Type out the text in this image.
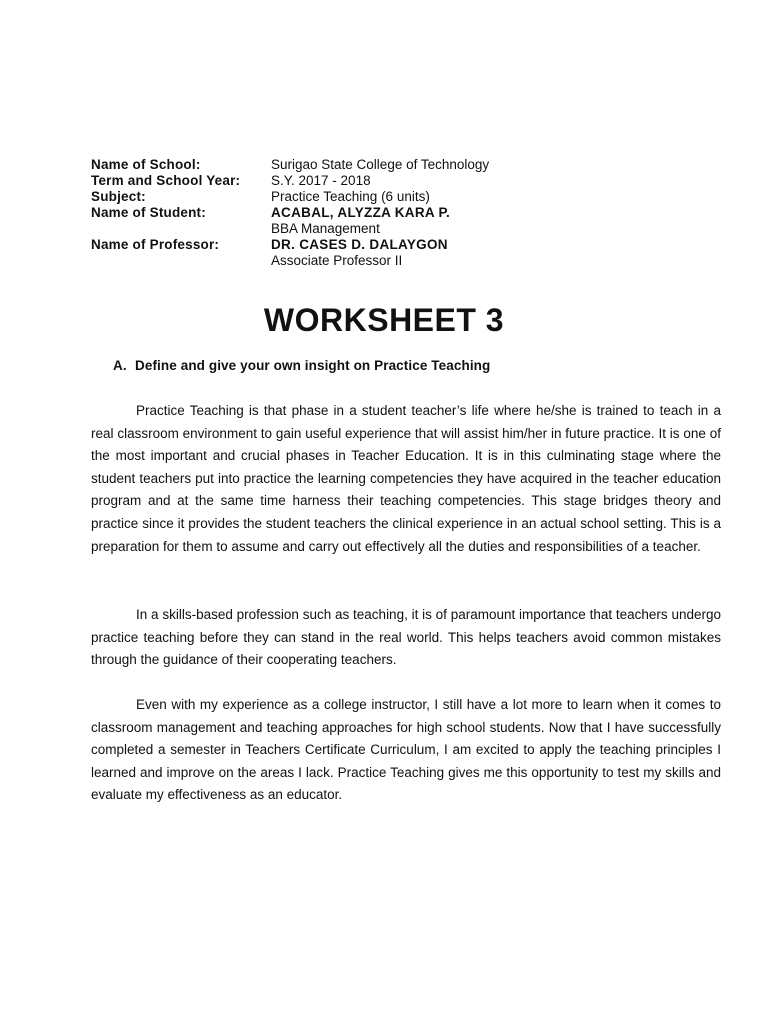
Name of School:	Surigao State College of Technology
Term and School Year:	S.Y. 2017 - 2018
Subject:	Practice Teaching (6 units)
Name of Student:	ACABAL, ALYZZA KARA P.
BBA Management
Name of Professor:	DR. CASES D. DALAYGON
Associate Professor II
WORKSHEET 3
A. Define and give your own insight on Practice Teaching

Practice Teaching is that phase in a student teacher’s life where he/she is trained to teach in a real classroom environment to gain useful experience that will assist him/her in future practice. It is one of the most important and crucial phases in Teacher Education. It is in this culminating stage where the student teachers put into practice the learning competencies they have acquired in the teacher education program and at the same time harness their teaching competencies. This stage bridges theory and practice since it provides the student teachers the clinical experience in an actual school setting. This is a preparation for them to assume and carry out effectively all the duties and responsibilities of a teacher.

In a skills-based profession such as teaching, it is of paramount importance that teachers undergo practice teaching before they can stand in the real world. This helps teachers avoid common mistakes through the guidance of their cooperating teachers.

Even with my experience as a college instructor, I still have a lot more to learn when it comes to classroom management and teaching approaches for high school students. Now that I have successfully completed a semester in Teachers Certificate Curriculum, I am excited to apply the teaching principles I learned and improve on the areas I lack. Practice Teaching gives me this opportunity to test my skills and evaluate my effectiveness as an educator.
